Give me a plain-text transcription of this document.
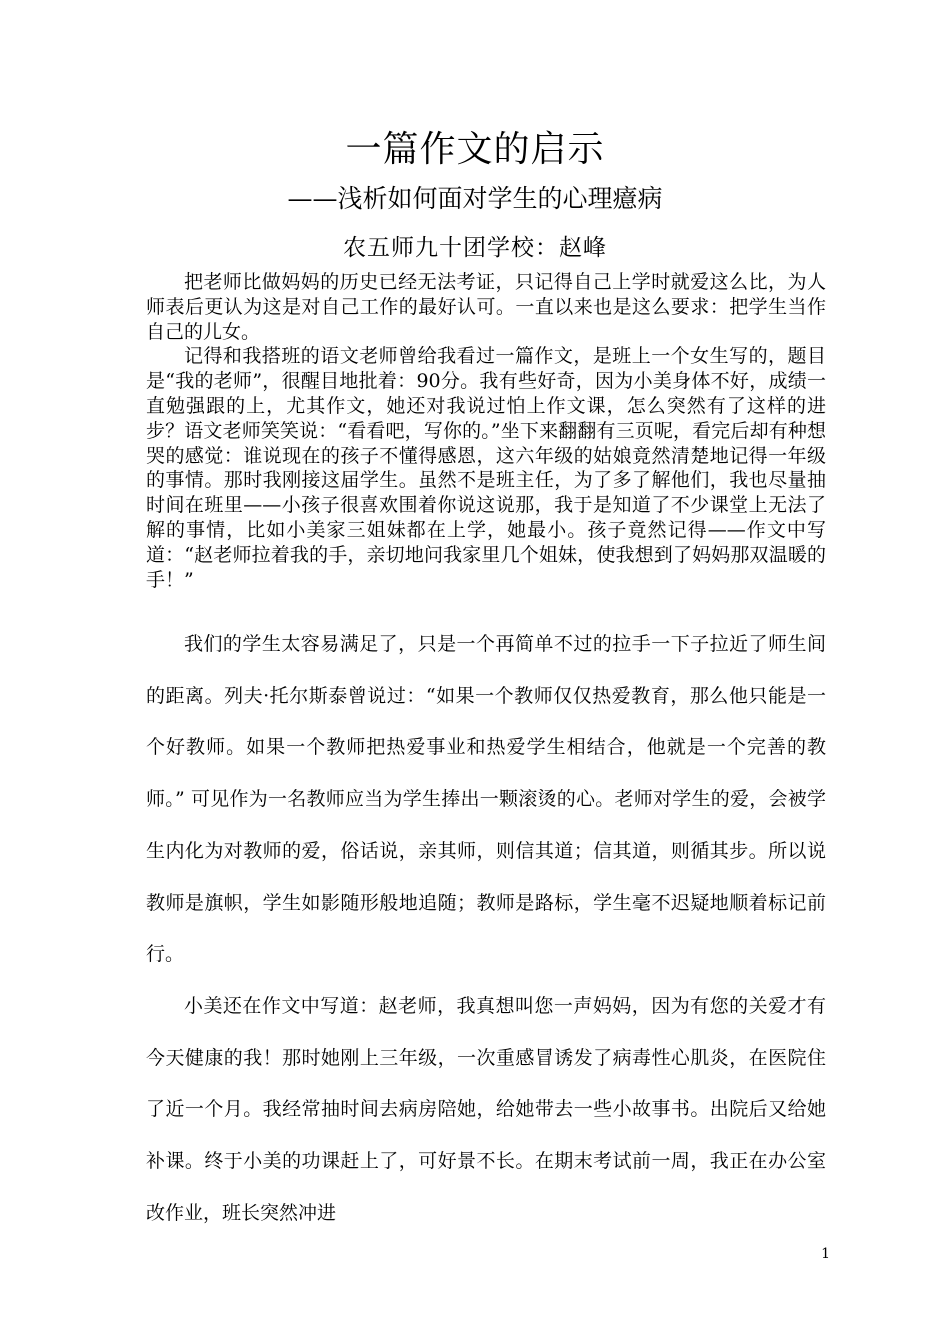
一篇作文的启示
——浅析如何面对学生的心理癔病
农五师九十团学校：赵峰

把老师比做妈妈的历史已经无法考证，只记得自己上学时就爱这么比，为人师表后更认为这是对自己工作的最好认可。一直以来也是这么要求：把学生当作自己的儿女。

记得和我搭班的语文老师曾给我看过一篇作文，是班上一个女生写的，题目是“我的老师”，很醒目地批着：90分。我有些好奇，因为小美身体不好，成绩一直勉强跟的上，尤其作文，她还对我说过怕上作文课，怎么突然有了这样的进步？语文老师笑笑说：“看看吧，写你的。”坐下来翻翻有三页呢，看完后却有种想哭的感觉：谁说现在的孩子不懂得感恩，这六年级的姑娘竟然清楚地记得一年级的事情。那时我刚接这届学生。虽然不是班主任，为了多了解他们，我也尽量抽时间在班里——小孩子很喜欢围着你说这说那，我于是知道了不少课堂上无法了解的事情，比如小美家三姐妹都在上学，她最小。孩子竟然记得——作文中写道：“赵老师拉着我的手，亲切地问我家里几个姐妹，使我想到了妈妈那双温暖的手！”

我们的学生太容易满足了，只是一个再简单不过的拉手一下子拉近了师生间的距离。列夫·托尔斯泰曾说过：“如果一个教师仅仅热爱教育，那么他只能是一个好教师。如果一个教师把热爱事业和热爱学生相结合，他就是一个完善的教师。” 可见作为一名教师应当为学生捧出一颗滚烫的心。老师对学生的爱，会被学生内化为对教师的爱，俗话说，亲其师，则信其道；信其道，则循其步。所以说教师是旗帜，学生如影随形般地追随；教师是路标，学生毫不迟疑地顺着标记前行。

小美还在作文中写道：赵老师，我真想叫您一声妈妈，因为有您的关爱才有今天健康的我！那时她刚上三年级，一次重感冒诱发了病毒性心肌炎，在医院住了近一个月。我经常抽时间去病房陪她，给她带去一些小故事书。出院后又给她补课。终于小美的功课赶上了，可好景不长。在期末考试前一周，我正在办公室改作业，班长突然冲进

1
